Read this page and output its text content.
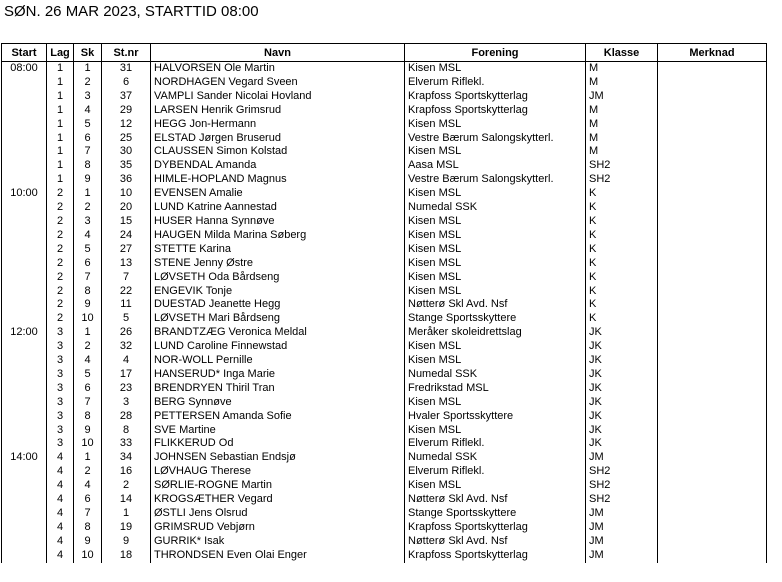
SØN. 26 MAR 2023, STARTTID 08:00
Start	Lag	Sk	St.nr	Navn	Forening	Klasse	Merknad
08:00	1	1	31	HALVORSEN Ole Martin	Kisen MSL	M	
	1	2	6	NORDHAGEN Vegard Sveen	Elverum Riflekl.	M	
	1	3	37	VAMPLI Sander Nicolai Hovland	Krapfoss Sportskytterlag	JM	
	1	4	29	LARSEN Henrik Grimsrud	Krapfoss Sportskytterlag	M	
	1	5	12	HEGG Jon-Hermann	Kisen MSL	M	
	1	6	25	ELSTAD Jørgen Bruserud	Vestre Bærum Salongskytterl.	M	
	1	7	30	CLAUSSEN Simon Kolstad	Kisen MSL	M	
	1	8	35	DYBENDAL Amanda	Aasa MSL	SH2	
	1	9	36	HIMLE-HOPLAND Magnus	Vestre Bærum Salongskytterl.	SH2	
10:00	2	1	10	EVENSEN Amalie	Kisen MSL	K	
	2	2	20	LUND Katrine Aannestad	Numedal SSK	K	
	2	3	15	HUSER Hanna Synnøve	Kisen MSL	K	
	2	4	24	HAUGEN Milda Marina Søberg	Kisen MSL	K	
	2	5	27	STETTE Karina	Kisen MSL	K	
	2	6	13	STENE Jenny Østre	Kisen MSL	K	
	2	7	7	LØVSETH Oda Bårdseng	Kisen MSL	K	
	2	8	22	ENGEVIK Tonje	Kisen MSL	K	
	2	9	11	DUESTAD Jeanette Hegg	Nøtterø Skl Avd. Nsf	K	
	2	10	5	LØVSETH Mari Bårdseng	Stange Sportsskyttere	K	
12:00	3	1	26	BRANDTZÆG Veronica Meldal	Meråker skoleidrettslag	JK	
	3	2	32	LUND Caroline Finnewstad	Kisen MSL	JK	
	3	4	4	NOR-WOLL Pernille	Kisen MSL	JK	
	3	5	17	HANSERUD* Inga Marie	Numedal SSK	JK	
	3	6	23	BRENDRYEN Thiril Tran	Fredrikstad MSL	JK	
	3	7	3	BERG Synnøve	Kisen MSL	JK	
	3	8	28	PETTERSEN Amanda Sofie	Hvaler Sportsskyttere	JK	
	3	9	8	SVE Martine	Kisen MSL	JK	
	3	10	33	FLIKKERUD Od	Elverum Riflekl.	JK	
14:00	4	1	34	JOHNSEN Sebastian Endsjø	Numedal SSK	JM	
	4	2	16	LØVHAUG Therese	Elverum Riflekl.	SH2	
	4	4	2	SØRLIE-ROGNE Martin	Kisen MSL	SH2	
	4	6	14	KROGSÆTHER Vegard	Nøtterø Skl Avd. Nsf	SH2	
	4	7	1	ØSTLI Jens Olsrud	Stange Sportsskyttere	JM	
	4	8	19	GRIMSRUD Vebjørn	Krapfoss Sportskytterlag	JM	
	4	9	9	GURRIK* Isak	Nøtterø Skl Avd. Nsf	JM	
	4	10	18	THRONDSEN Even Olai Enger	Krapfoss Sportskytterlag	JM	
